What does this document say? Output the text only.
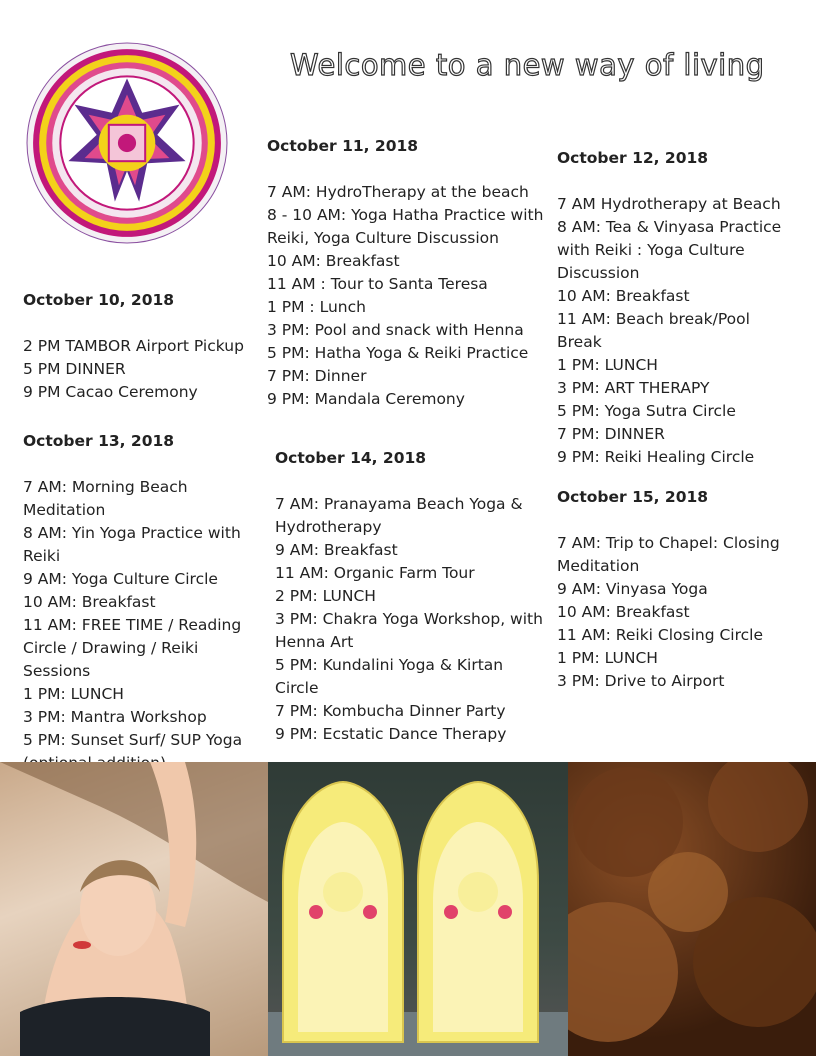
Welcome to a new way of living
October 10, 2018
2 PM TAMBOR Airport Pickup
5 PM DINNER
9 PM Cacao Ceremony
October 13, 2018
7 AM: Morning Beach Meditation
8 AM: Yin Yoga Practice with Reiki
9 AM: Yoga Culture Circle
10 AM: Breakfast
11 AM: FREE TIME / Reading Circle / Drawing / Reiki Sessions
1 PM: LUNCH
3 PM: Mantra Workshop
5 PM: Sunset Surf/ SUP Yoga
October 11, 2018
7 AM: HydroTherapy at the beach
8 - 10 AM: Yoga Hatha Practice with Reiki, Yoga Culture Discussion
10 AM: Breakfast
11 AM : Tour to Santa Teresa
1 PM : Lunch
3 PM: Pool and snack with Henna
5 PM: Hatha Yoga & Reiki Practice
7 PM: Dinner
9 PM: Mandala Ceremony
October 14, 2018
7 AM: Pranayama Beach Yoga & Hydrotherapy
9 AM: Breakfast
11 AM: Organic Farm Tour
2 PM: LUNCH
3 PM: Chakra Yoga Workshop, with Henna Art
5 PM: Kundalini Yoga & Kirtan Circle
7 PM: Kombucha Dinner Party
9 PM: Ecstatic Dance Therapy
October 12, 2018
7 AM Hydrotherapy at Beach
8 AM: Tea & Vinyasa Practice with Reiki : Yoga Culture Discussion
10 AM: Breakfast
11 AM: Beach break/Pool Break
1 PM: LUNCH
3 PM: ART THERAPY
5 PM: Yoga Sutra Circle
7 PM: DINNER
9 PM: Reiki Healing Circle
October 15, 2018
7 AM: Trip to Chapel: Closing Meditation
9 AM: Vinyasa Yoga
10 AM: Breakfast
11 AM: Reiki Closing Circle
1 PM: LUNCH
3 PM: Drive to Airport
